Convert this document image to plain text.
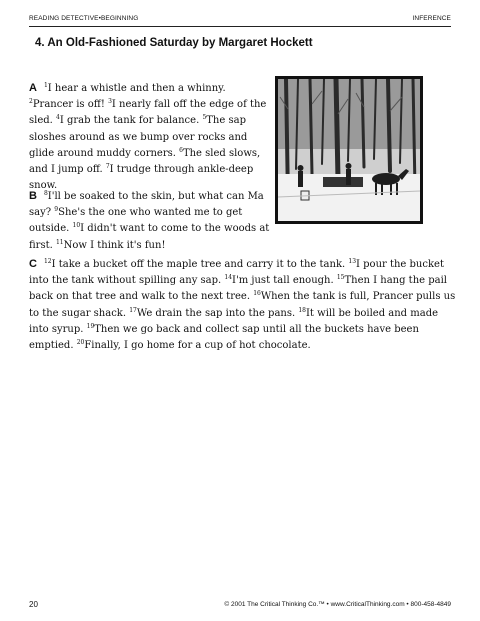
READING DETECTIVE•BEGINNING	INFERENCE
4. An Old-Fashioned Saturday by Margaret Hockett

A $^1$I hear a whistle and then a whinny. $^2$Prancer is off! $^3$I nearly fall off the edge of the sled. $^4$I grab the tank for balance. $^5$The sap sloshes around as we bump over rocks and glide around muddy corners. $^6$The sled slows, and I jump off. $^7$I trudge through ankle-deep snow.

B $^8$I'll be soaked to the skin, but what can Ma say? $^9$She's the one who wanted me to get outside. $^{10}$I didn't want to come to the woods at first. $^{11}$Now I think it's fun!

C $^{12}$I take a bucket off the maple tree and carry it to the tank. $^{13}$I pour the bucket into the tank without spilling any sap. $^{14}$I'm just tall enough. $^{15}$Then I hang the pail back on that tree and walk to the next tree. $^{16}$When the tank is full, Prancer pulls us to the sugar shack. $^{17}$We drain the sap into the pans. $^{18}$It will be boiled and made into syrup. $^{19}$Then we go back and collect sap until all the buckets have been emptied. $^{20}$Finally, I go home for a cup of hot chocolate.

20	© 2001 The Critical Thinking Co.™ • www.CriticalThinking.com • 800-458-4849
